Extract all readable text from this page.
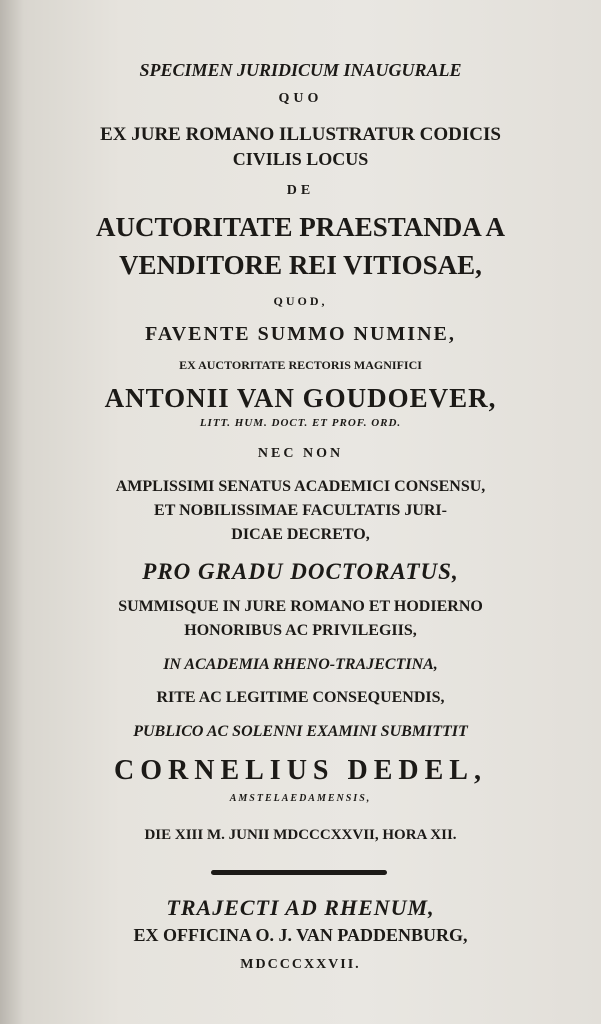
SPECIMEN JURIDICUM INAUGURALE
QUO
EX JURE ROMANO ILLUSTRATUR CODICIS
CIVILIS LOCUS
DE
AUCTORITATE PRAESTANDA A
VENDITORE REI VITIOSAE,
QUOD,
FAVENTE SUMMO NUMINE,
EX AUCTORITATE RECTORIS MAGNIFICI
ANTONII VAN GOUDOEVER,
LITT. HUM. DOCT. ET PROF. ORD.
NEC NON
AMPLISSIMI SENATUS ACADEMICI CONSENSU,
ET NOBILISSIMAE FACULTATIS JURI-
DICAE DECRETO,
PRO GRADU DOCTORATUS,
SUMMISQUE IN JURE ROMANO ET HODIERNO
HONORIBUS AC PRIVILEGIIS,
IN ACADEMIA RHENO-TRAJECTINA,
RITE AC LEGITIME CONSEQUENDIS,
PUBLICO AC SOLENNI EXAMINI SUBMITTIT
CORNELIUS DEDEL,
AMSTELAEDAMENSIS,
DIE XIII M. JUNII MDCCCXXVII, HORA XII.
TRAJECTI AD RHENUM,
EX OFFICINA O. J. VAN PADDENBURG,
MDCCCXXVII.
